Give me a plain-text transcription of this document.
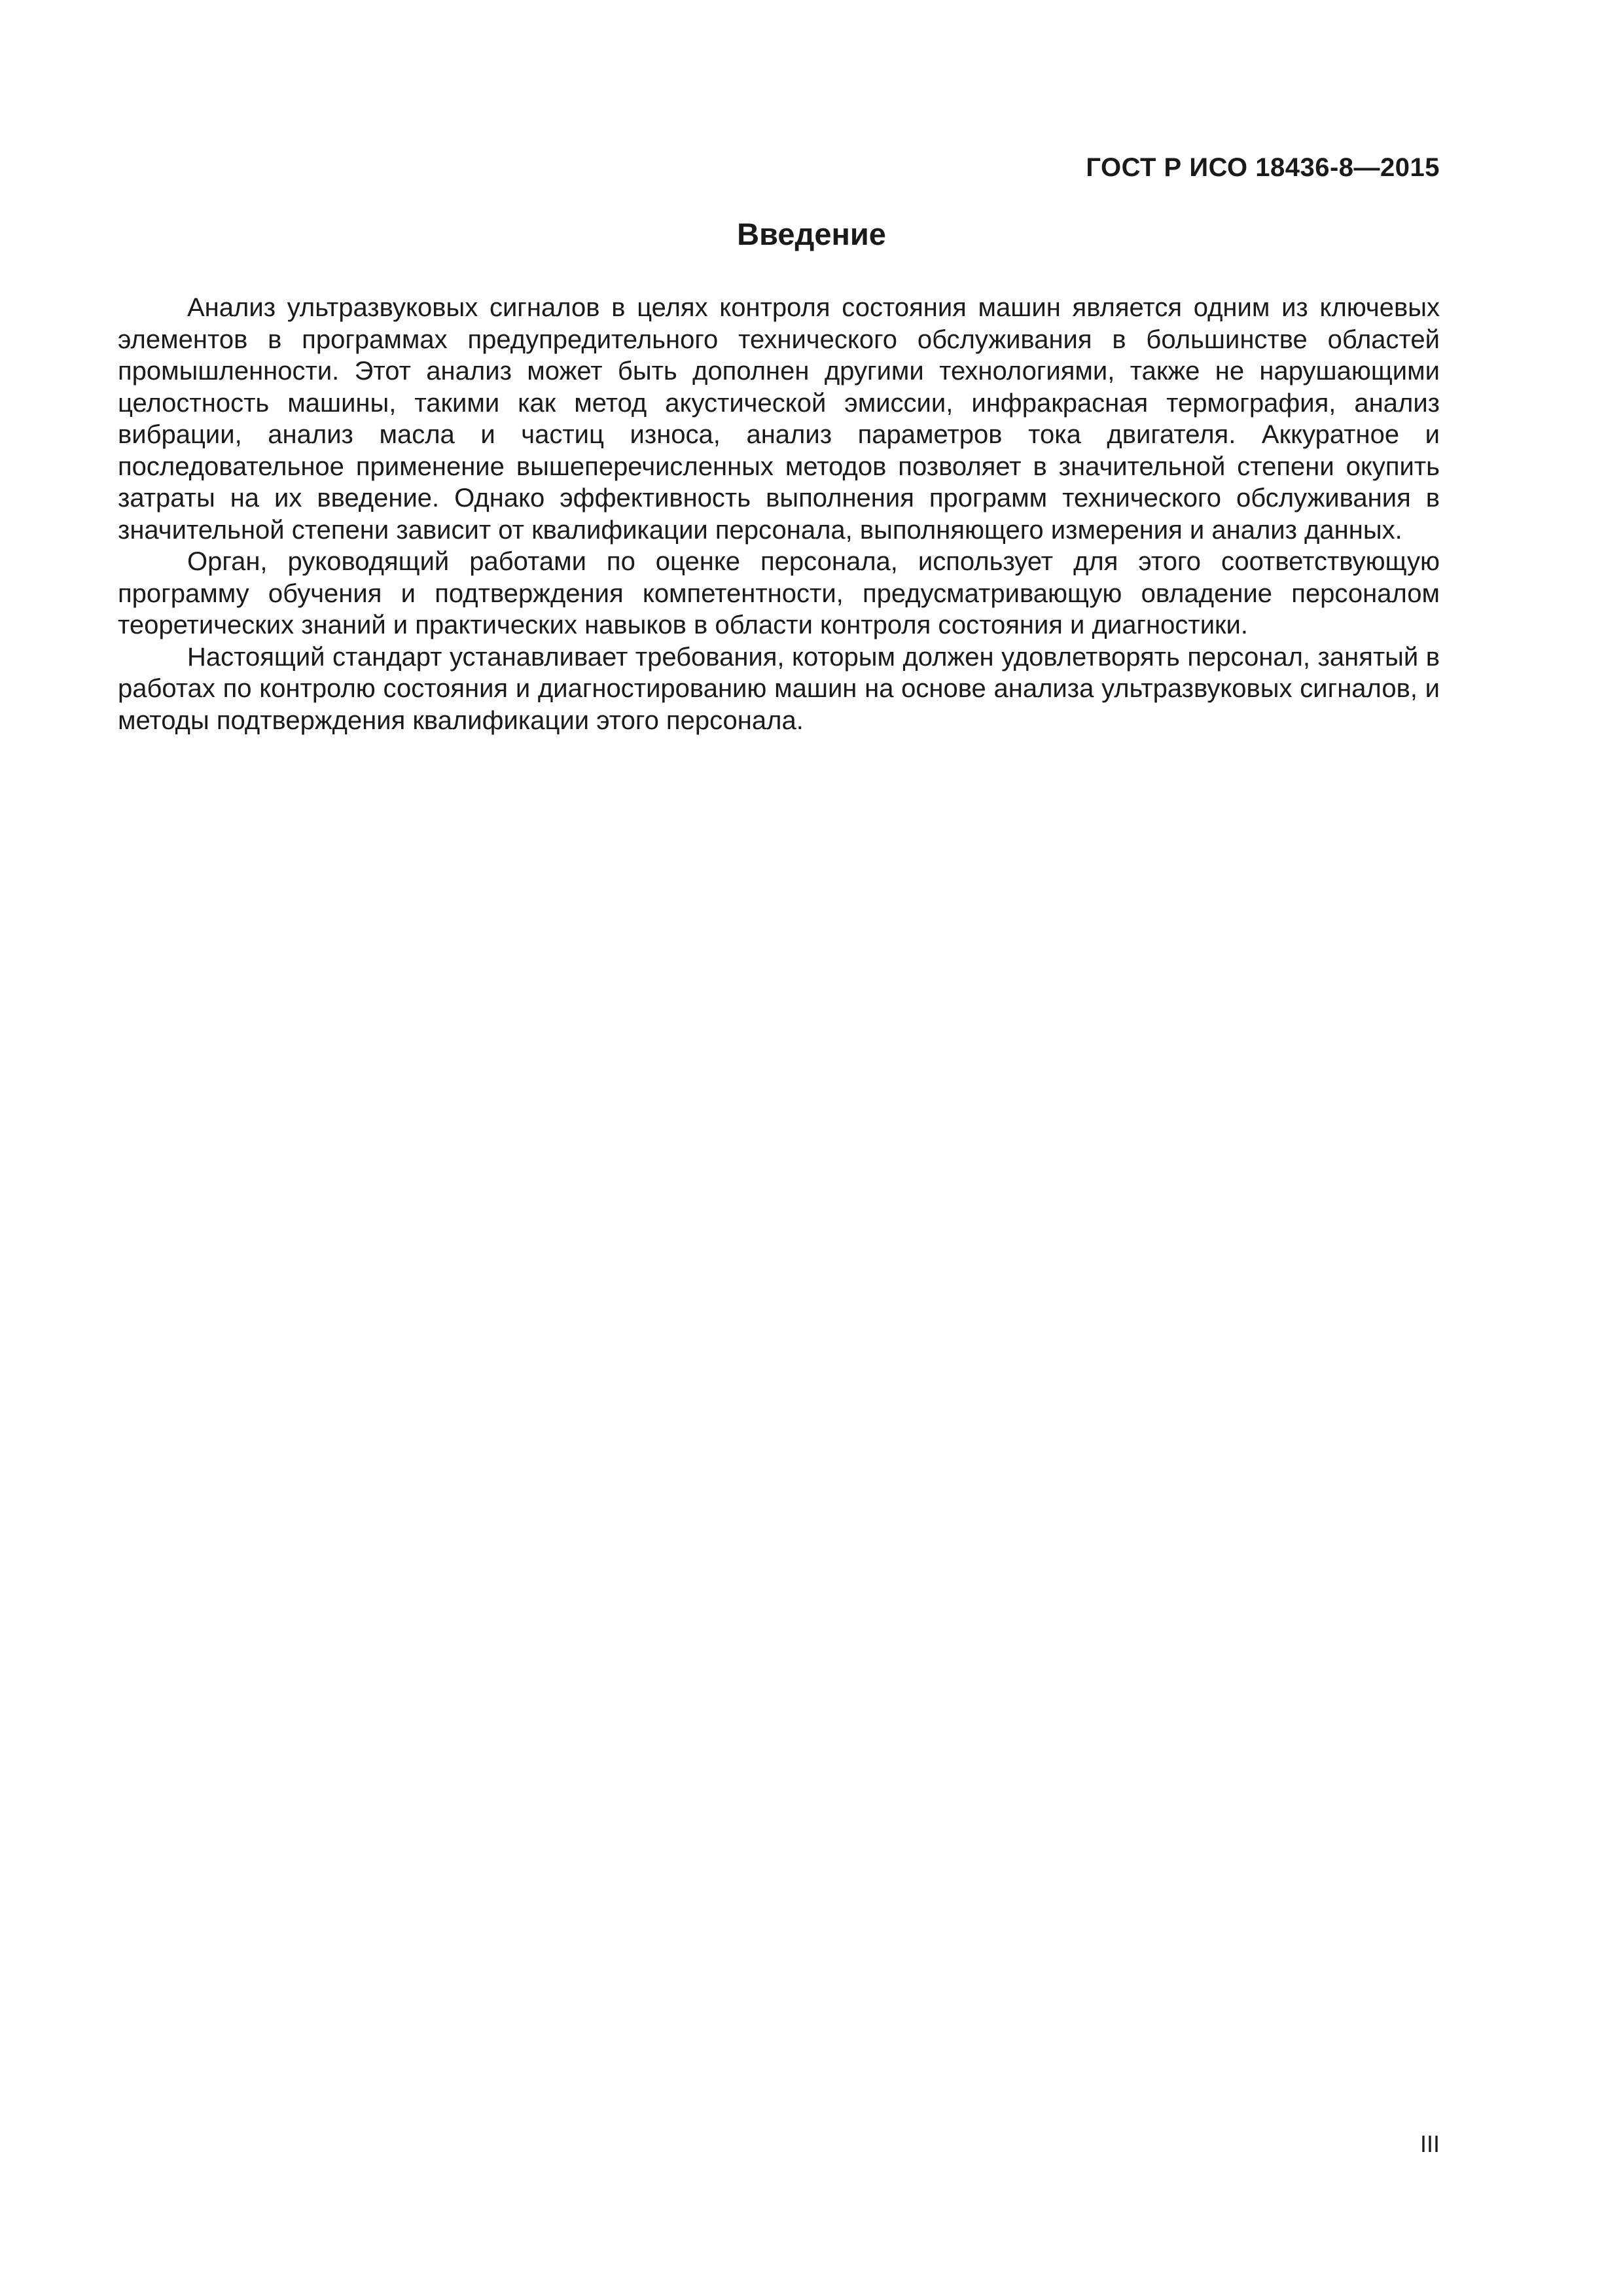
ГОСТ Р ИСО 18436-8—2015
Введение

Анализ ультразвуковых сигналов в целях контроля состояния машин является одним из ключевых элементов в программах предупредительного технического обслуживания в большинстве областей промышленности. Этот анализ может быть дополнен другими технологиями, также не нарушающими целостность машины, такими как метод акустической эмиссии, инфракрасная термография, анализ вибрации, анализ масла и частиц износа, анализ параметров тока двигателя. Аккуратное и последовательное применение вышеперечисленных методов позволяет в значительной степени окупить затраты на их введение. Однако эффективность выполнения программ технического обслуживания в значительной степени зависит от квалификации персонала, выполняющего измерения и анализ данных.

Орган, руководящий работами по оценке персонала, использует для этого соответствующую программу обучения и подтверждения компетентности, предусматривающую овладение персоналом теоретических знаний и практических навыков в области контроля состояния и диагностики.

Настоящий стандарт устанавливает требования, которым должен удовлетворять персонал, занятый в работах по контролю состояния и диагностированию машин на основе анализа ультразвуковых сигналов, и методы подтверждения квалификации этого персонала.

III
